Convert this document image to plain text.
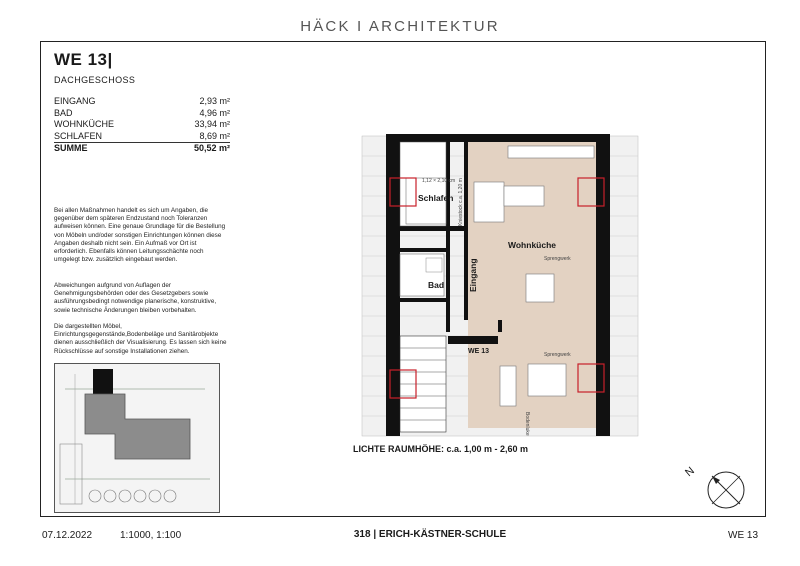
HÄCK I ARCHITEKTUR
WE 13|
DACHGESCHOSS
EINGANG	2,93 m²
BAD	4,96 m²
WOHNKÜCHE	33,94 m²
SCHLAFEN	8,69 m²
SUMME	50,52 m²
Bei allen Maßnahmen handelt es sich um Angaben, die gegenüber dem späteren Endzustand noch Toleranzen aufweisen können. Eine genaue Grundlage für die Bestellung von Möbeln und/oder sonstigen Einrichtungen können diese Angaben deshalb nicht sein. Ein Aufmaß vor Ort ist erforderlich. Ebenfalls können Leitungsschächte noch umgelegt bzw. zusätzlich eingebaut werden.
Abweichungen aufgrund von Auflagen der Genehmigungsbehörden oder des Gesetzgebers sowie ausführungsbedingt notwendige planerische, konstruktive, sowie technische Änderungen bleiben vorbehalten.
Die dargestellten Möbel, Einrichtungsgegenstände,Bodenbeläge und Sanitärobjekte dienen ausschließlich der Visualisierung. Es lassen sich keine Rückschlüsse auf sonstige Installationen ziehen.
Schlafen
Wohnküche
Bad	Eingang
WE 13
Sprengwerk
Sprengwerk
Bodenluke
Kniestock c.a. 1,20 m
1,12 × 2,10 cm
LICHTE RAUMHÖHE: c.a. 1,00 m - 2,60 m
N
07.12.2022	1:1000, 1:100	318 | ERICH-KÄSTNER-SCHULE	WE 13
